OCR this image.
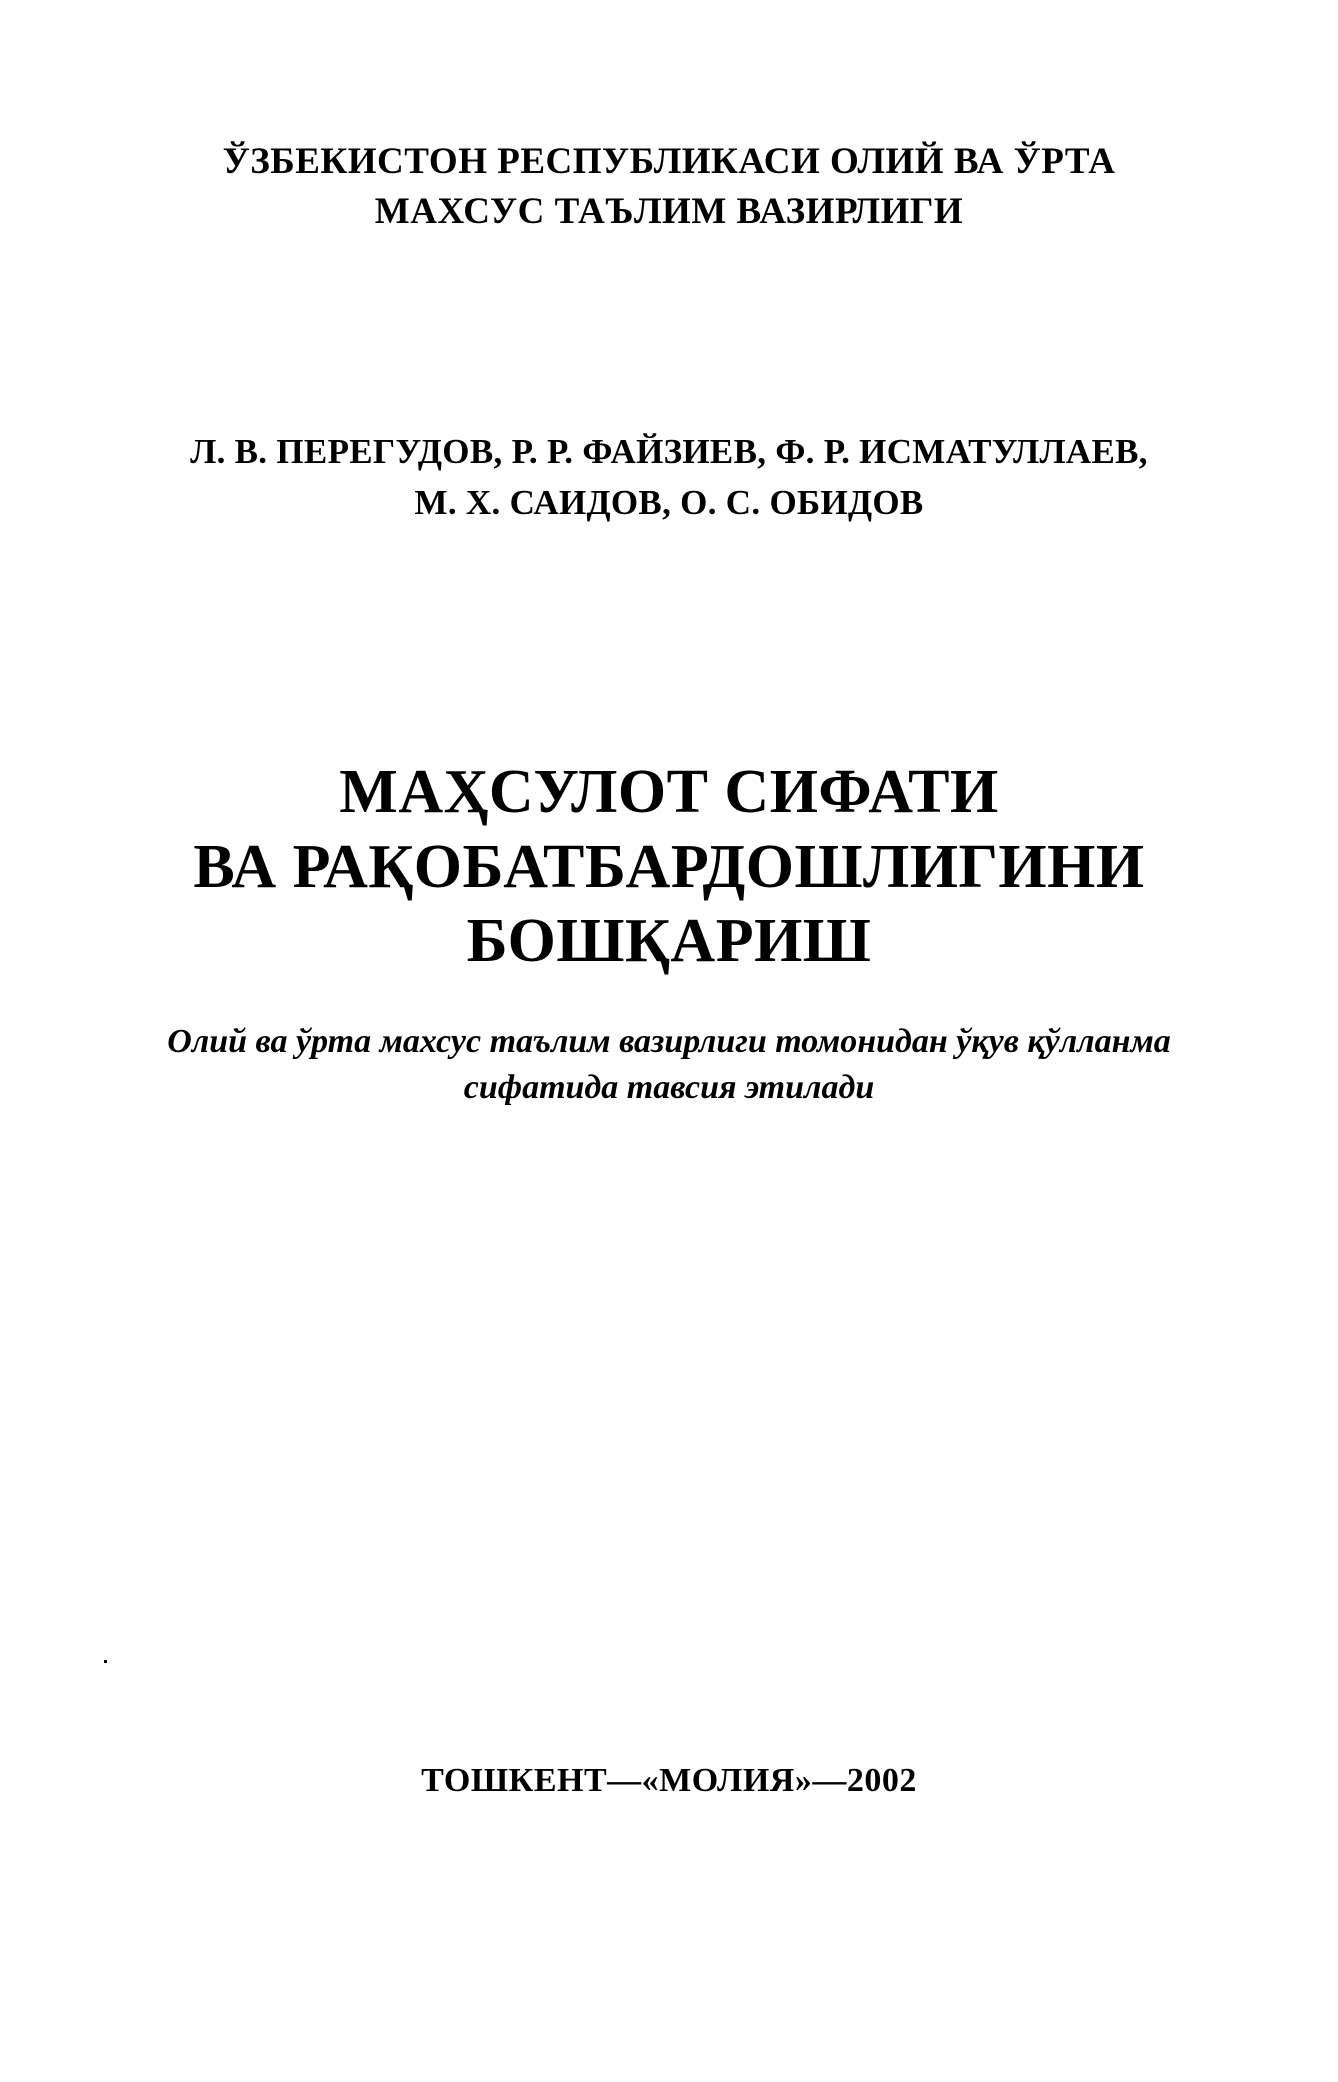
ЎЗБЕКИСТОН РЕСПУБЛИКАСИ ОЛИЙ ВА ЎРТА
МАХСУС ТАЪЛИМ ВАЗИРЛИГИ
Л. В. ПЕРЕГУДОВ, Р. Р. ФАЙЗИЕВ, Ф. Р. ИСМАТУЛЛАЕВ,
М. Х. САИДОВ, О. С. ОБИДОВ
МАҲСУЛОТ СИФАТИ
ВА РАҚОБАТБАРДОШЛИГИНИ
БОШҚАРИШ
Олий ва ўрта махсус таълим вазирлиги томонидан ўқув қўлланма
сифатида тавсия этилади
ТОШКЕНТ—«МОЛИЯ»—2002
